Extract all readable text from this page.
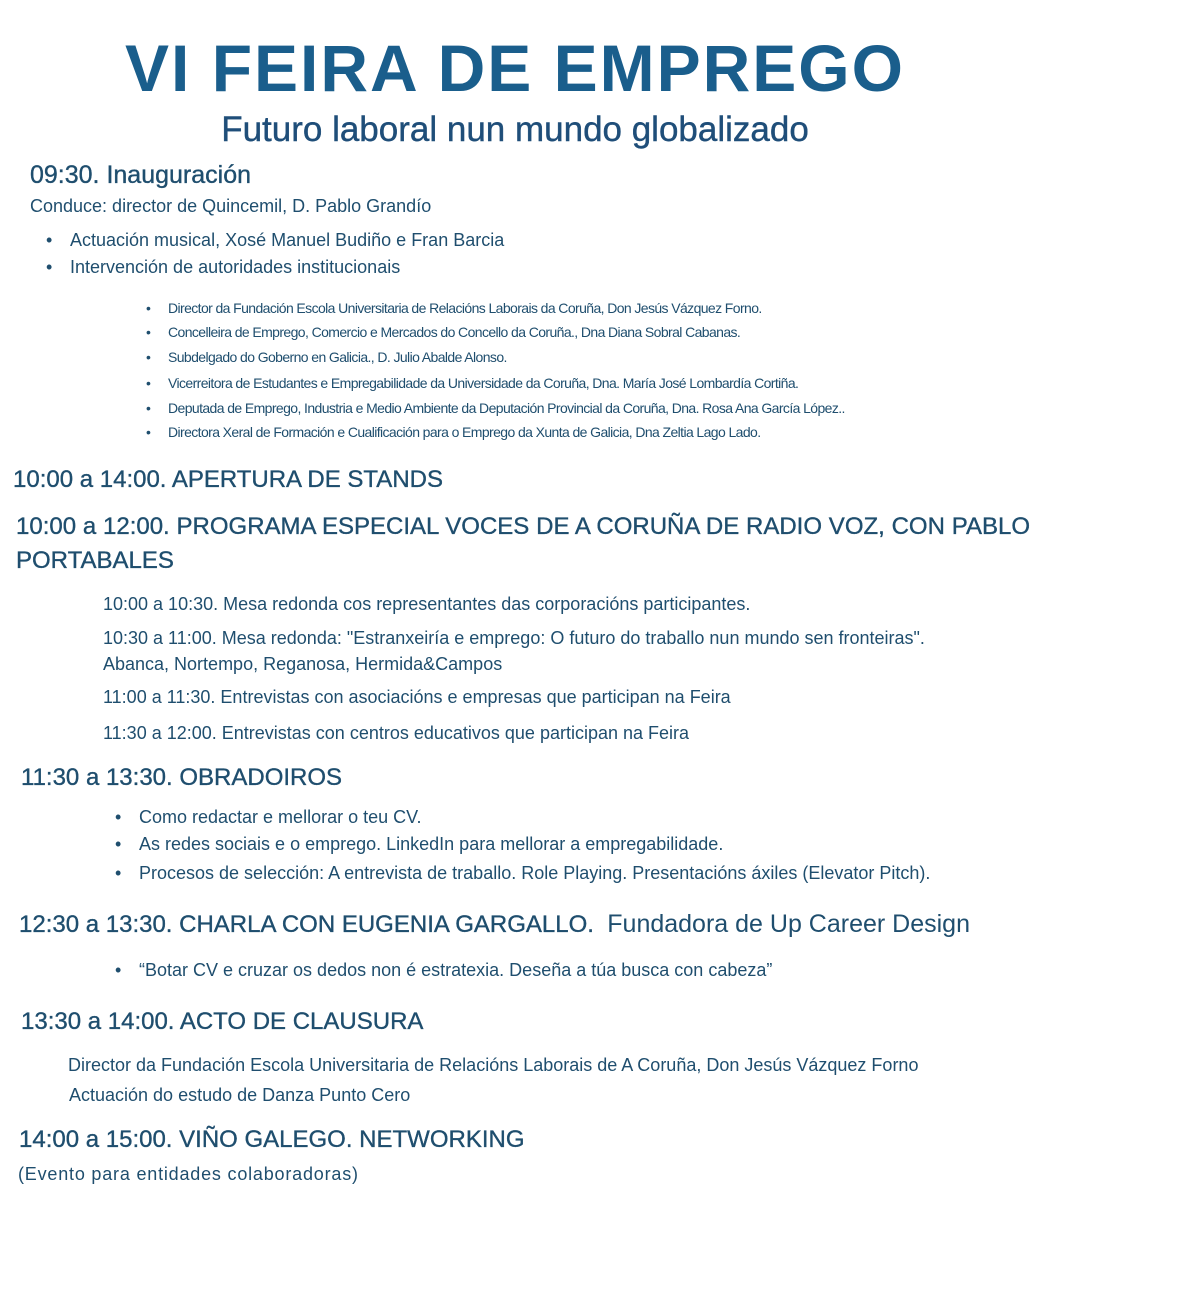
VI FEIRA DE EMPREGO
Futuro laboral nun mundo globalizado
09:30. Inauguración
Conduce: director de Quincemil, D. Pablo Grandío
• Actuación musical, Xosé Manuel Budiño e Fran Barcia
• Intervención de autoridades institucionais
• Director da Fundación Escola Universitaria de Relacións Laborais da Coruña, Don Jesús Vázquez Forno.
• Concelleira de Emprego, Comercio e Mercados do Concello da Coruña., Dna Diana Sobral Cabanas.
• Subdelgado do Goberno en Galicia., D. Julio Abalde Alonso.
• Vicerreitora de Estudantes e Empregabilidade da Universidade da Coruña, Dna. María José Lombardía Cortiña.
• Deputada de Emprego, Industria e Medio Ambiente da Deputación Provincial da Coruña, Dna. Rosa Ana García López..
• Directora Xeral de Formación e Cualificación para o Emprego da Xunta de Galicia, Dna Zeltia Lago Lado.
10:00 a 14:00. APERTURA DE STANDS
10:00 a 12:00. PROGRAMA ESPECIAL VOCES DE A CORUÑA DE RADIO VOZ, CON PABLO PORTABALES
10:00 a 10:30. Mesa redonda cos representantes das corporacións participantes.
10:30 a 11:00. Mesa redonda: "Estranxeiría e emprego: O futuro do traballo nun mundo sen fronteiras".
Abanca, Nortempo, Reganosa, Hermida&Campos
11:00 a 11:30. Entrevistas con asociacións e empresas que participan na Feira
11:30 a 12:00. Entrevistas con centros educativos que participan na Feira
11:30 a 13:30. OBRADOIROS
• Como redactar e mellorar o teu CV.
• As redes sociais e o emprego. LinkedIn para mellorar a empregabilidade.
• Procesos de selección: A entrevista de traballo. Role Playing. Presentacións áxiles (Elevator Pitch).
12:30 a 13:30. CHARLA CON EUGENIA GARGALLO. Fundadora de Up Career Design
• “Botar CV e cruzar os dedos non é estratexia. Deseña a túa busca con cabeza”
13:30 a 14:00. ACTO DE CLAUSURA
Director da Fundación Escola Universitaria de Relacións Laborais de A Coruña, Don Jesús Vázquez Forno
Actuación do estudo de Danza Punto Cero
14:00 a 15:00. VIÑO GALEGO. NETWORKING
(Evento para entidades colaboradoras)
